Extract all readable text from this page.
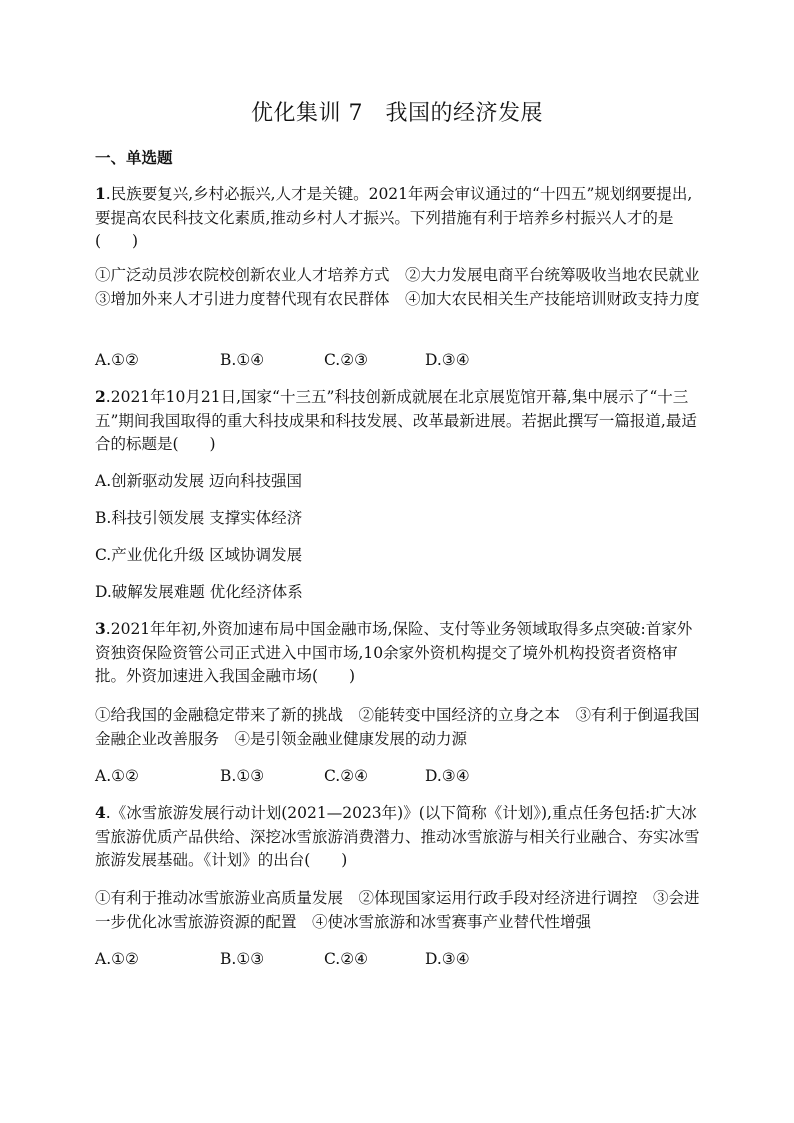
优化集训 7　我国的经济发展
一、单选题

1.民族要复兴,乡村必振兴,人才是关键。2021年两会审议通过的“十四五”规划纲要提出,要提高农民科技文化素质,推动乡村人才振兴。下列措施有利于培养乡村振兴人才的是(　　)

①广泛动员涉农院校创新农业人才培养方式　②大力发展电商平台统筹吸收当地农民就业　③增加外来人才引进力度替代现有农民群体　④加大农民相关生产技能培训财政支持力度

A.①②	B.①④	C.②③	D.③④

2.2021年10月21日,国家“十三五”科技创新成就展在北京展览馆开幕,集中展示了“十三五”期间我国取得的重大科技成果和科技发展、改革最新进展。若据此撰写一篇报道,最适合的标题是(　　)

A.创新驱动发展 迈向科技强国
B.科技引领发展 支撑实体经济
C.产业优化升级 区域协调发展
D.破解发展难题 优化经济体系

3.2021年年初,外资加速布局中国金融市场,保险、支付等业务领域取得多点突破:首家外资独资保险资管公司正式进入中国市场,10余家外资机构提交了境外机构投资者资格审批。外资加速进入我国金融市场(　　)

①给我国的金融稳定带来了新的挑战　②能转变中国经济的立身之本　③有利于倒逼我国金融企业改善服务　④是引领金融业健康发展的动力源

A.①②	B.①③	C.②④	D.③④

4.《冰雪旅游发展行动计划(2021—2023年)》(以下简称《计划》),重点任务包括:扩大冰雪旅游优质产品供给、深挖冰雪旅游消费潜力、推动冰雪旅游与相关行业融合、夯实冰雪旅游发展基础。《计划》的出台(　　)

①有利于推动冰雪旅游业高质量发展　②体现国家运用行政手段对经济进行调控　③会进一步优化冰雪旅游资源的配置　④使冰雪旅游和冰雪赛事产业替代性增强

A.①②	B.①③	C.②④	D.③④
